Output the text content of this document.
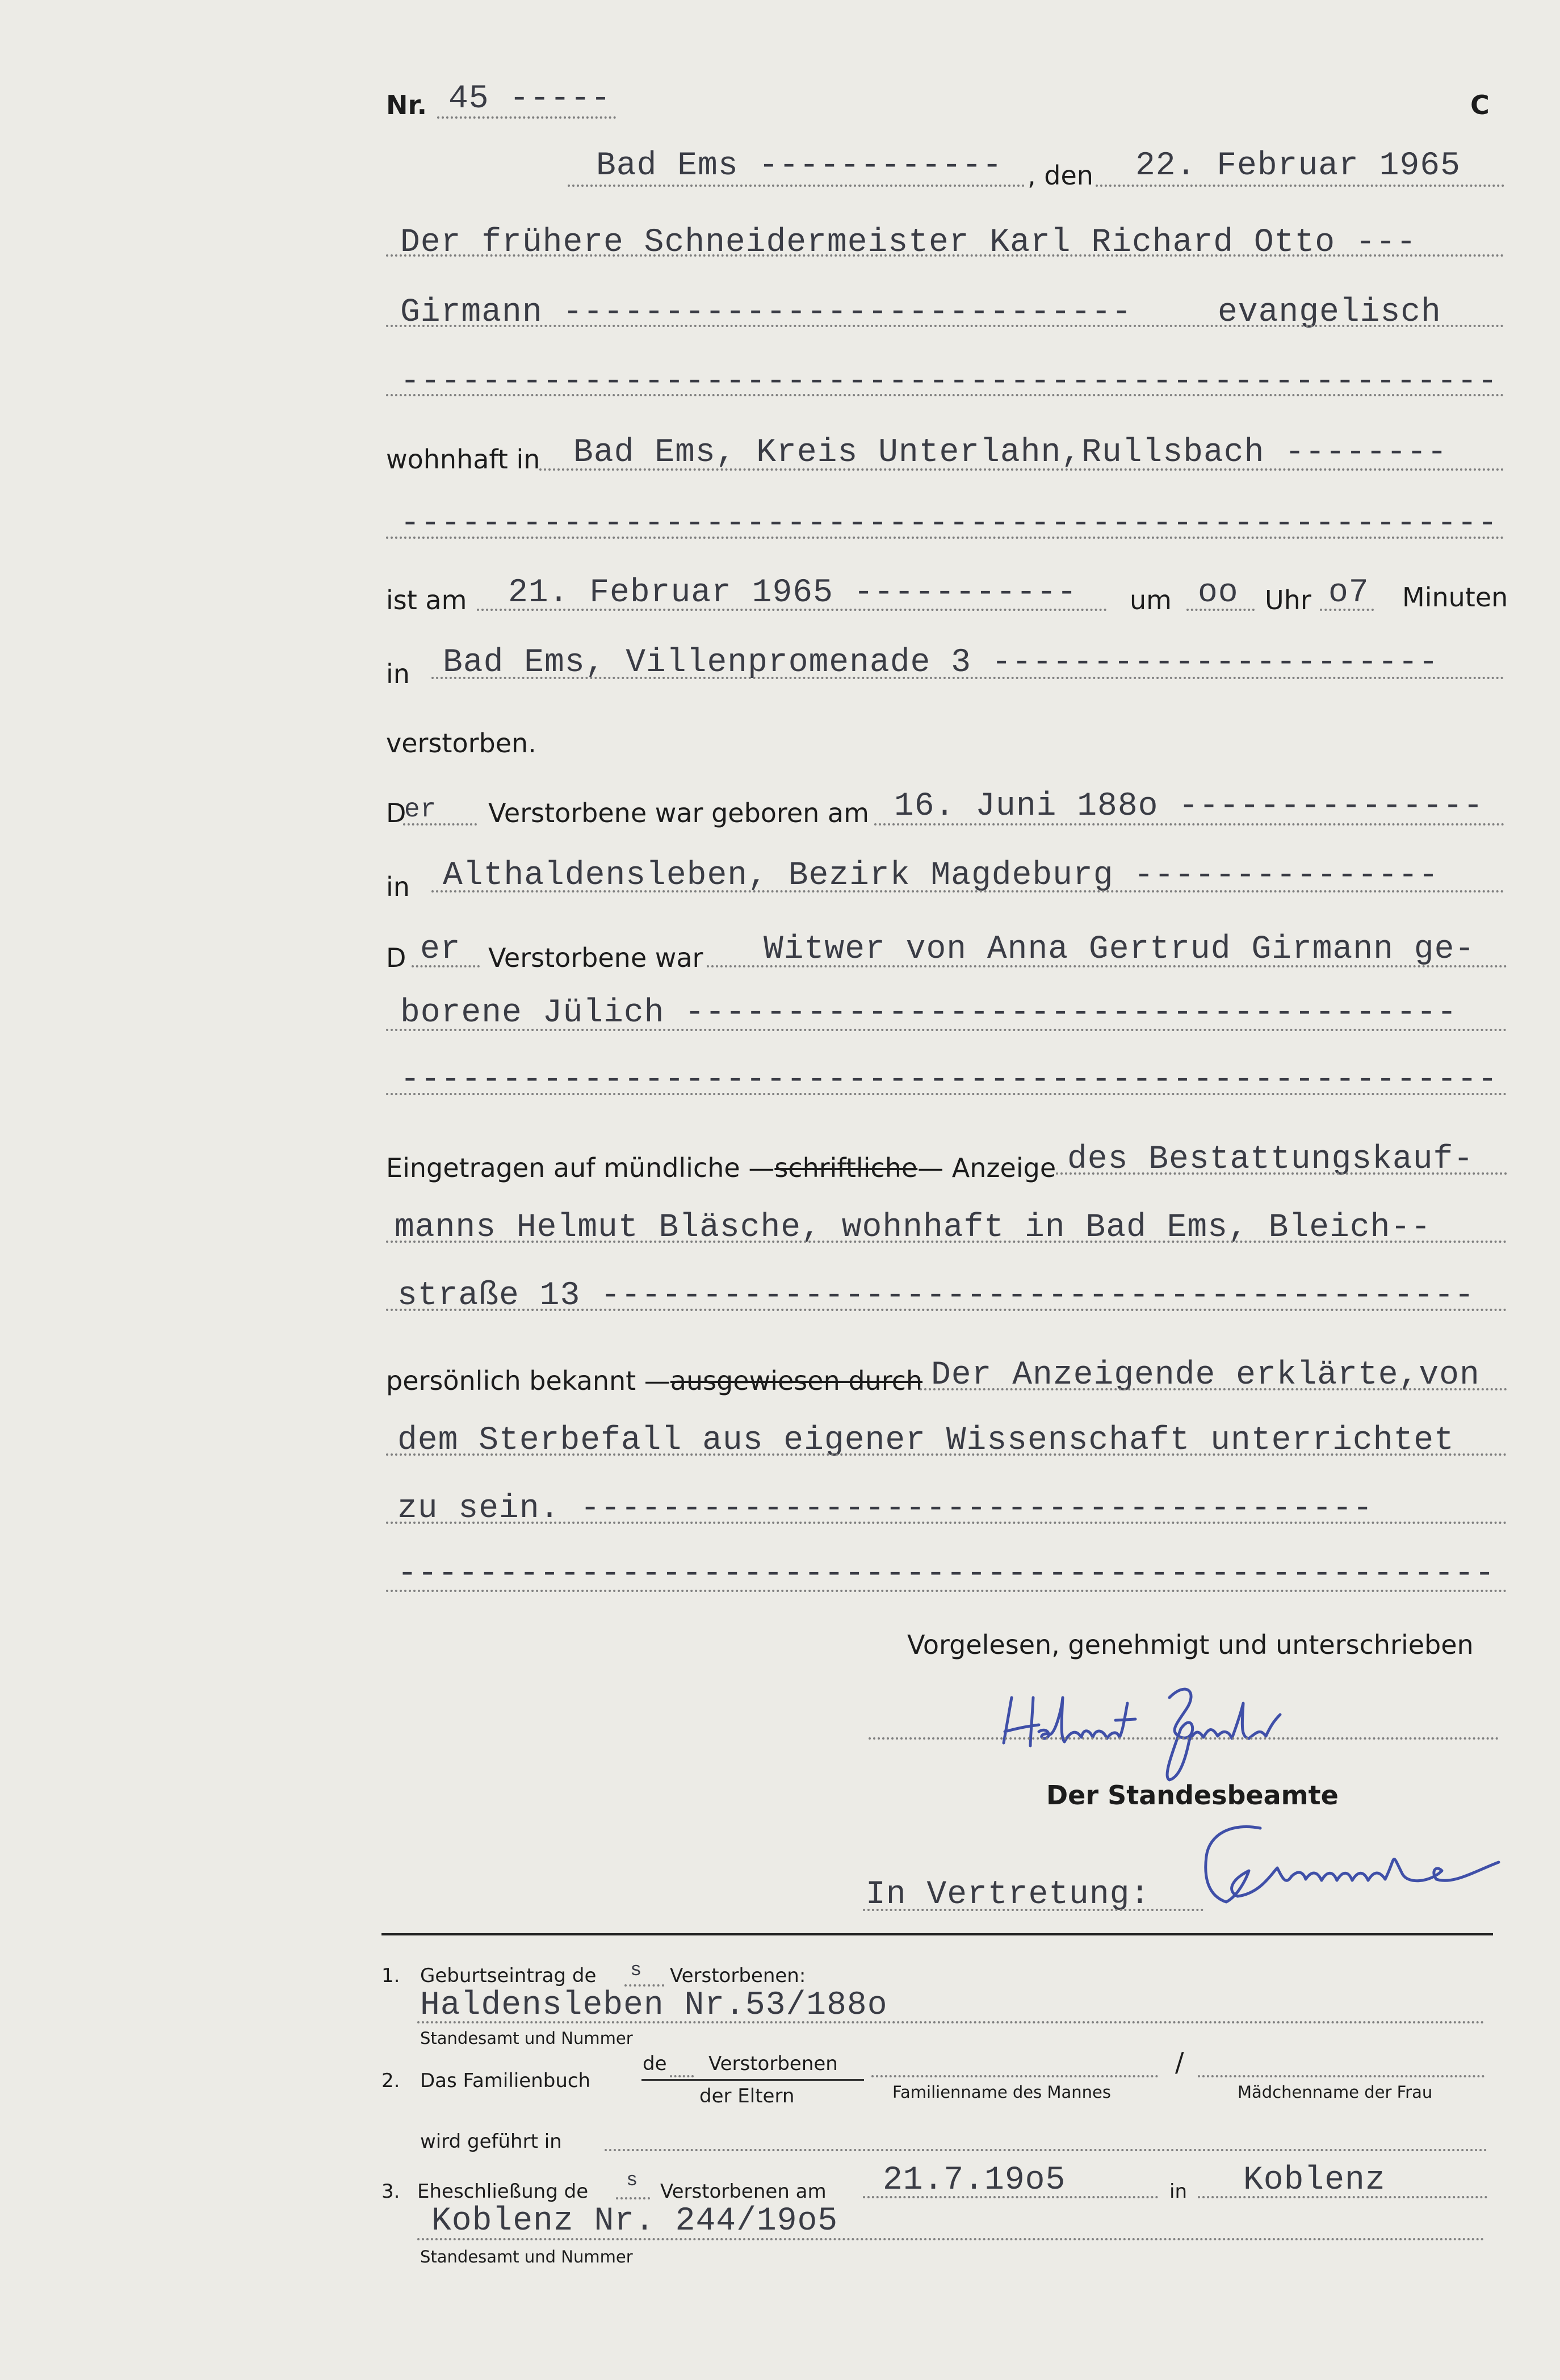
Nr. 45 -----	C
Bad Ems ------------ , den 22. Februar 1965
Der frühere Schneidermeister Karl Richard Otto ---
Girmann ----------------------------	evangelisch
------------------------------------------------------
wohnhaft in Bad Ems, Kreis Unterlahn,Rullsbach --------
------------------------------------------------------
ist am 21. Februar 1965 ----------- um oo Uhr o7 Minuten
in Bad Ems, Villenpromenade 3 ----------------------
verstorben.
D
er Verstorbene war geboren am 16. Juni 188o ---------------
in Althaldensleben, Bezirk Magdeburg ---------------
D er Verstorbene war Witwer von Anna Gertrud Girmann ge-
borene Jülich --------------------------------------
------------------------------------------------------
Eingetragen auf mündliche —schriftliche— Anzeige des Bestattungskauf-
manns Helmut Bläsche, wohnhaft in Bad Ems, Bleich--
straße 13 -------------------------------------------
persönlich bekannt —ausgewiesen durch Der Anzeigende erklärte,von
dem Sterbefall aus eigener Wissenschaft unterrichtet
zu sein. ---------------------------------------
------------------------------------------------------
Vorgelesen, genehmigt und unterschrieben
Der Standesbeamte
In Vertretung:
1. Geburtseintrag de s Verstorbenen:
Haldensleben Nr.53/188o
Standesamt und Nummer
2. Das Familienbuch
de Verstorbenen
der Eltern	Familienname des Mannes
/
Mädchenname der Frau
wird geführt in
3. Eheschließung de s Verstorbenen am 21.7.19o5	in Koblenz
Koblenz Nr. 244/19o5
Standesamt und Nummer
